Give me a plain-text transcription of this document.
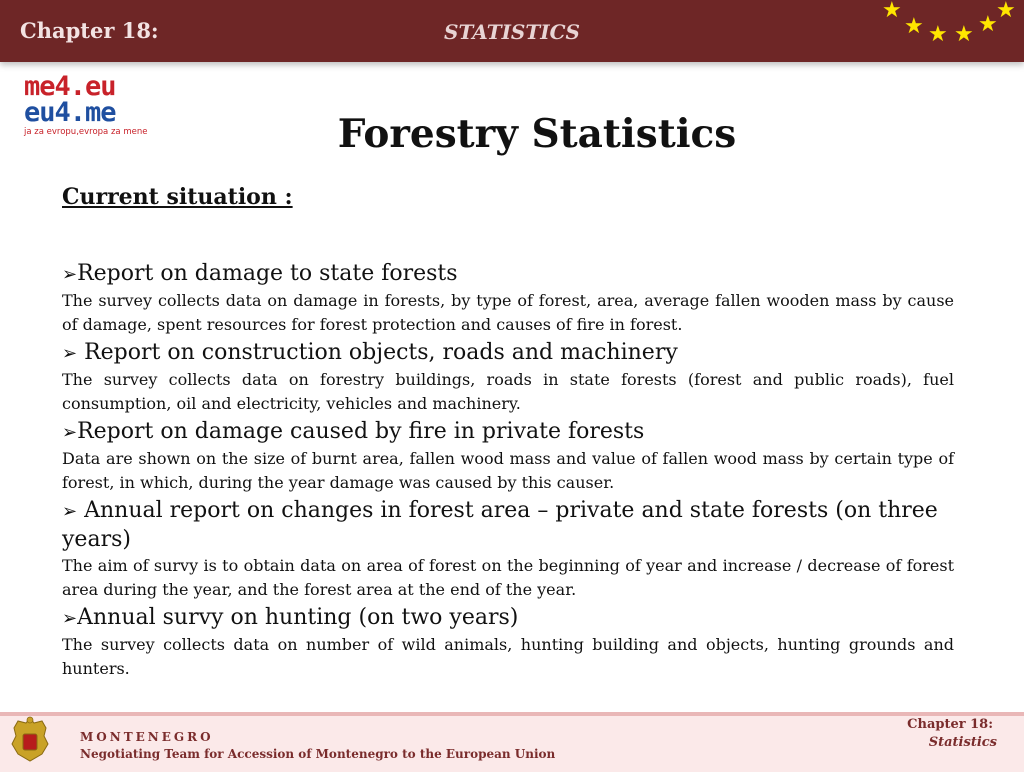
Chapter 18:	STATISTICS
★
★ ★ ★ ★
★
me4.eu
eu4.me
ja za evropu,evropa za mene	Forestry Statistics
Current situation :

➢Report on damage to state forests

The survey collects data on damage in forests, by type of forest, area, average fallen wooden mass by cause of damage, spent resources for forest protection and causes of fire in forest.

➢ Report on construction objects, roads and machinery

The survey collects data on forestry buildings, roads in state forests (forest and public roads), fuel consumption, oil and electricity, vehicles and machinery.

➢Report on damage caused by fire in private forests

Data are shown on the size of burnt area, fallen wood mass and value of fallen wood mass by certain type of forest, in which, during the year damage was caused by this causer.

➢ Annual report on changes in forest area – private and state forests (on three years)

The aim of survy is to obtain data on area of forest on the beginning of year and increase / decrease of forest area during the year, and the forest area at the end of the year.

➢Annual survy on hunting (on two years)

The survey collects data on number of wild animals, hunting building and objects, hunting grounds and hunters.

MONTENEGRO
Negotiating Team for Accession of Montenegro to the European Union
Chapter 18:
Statistics
